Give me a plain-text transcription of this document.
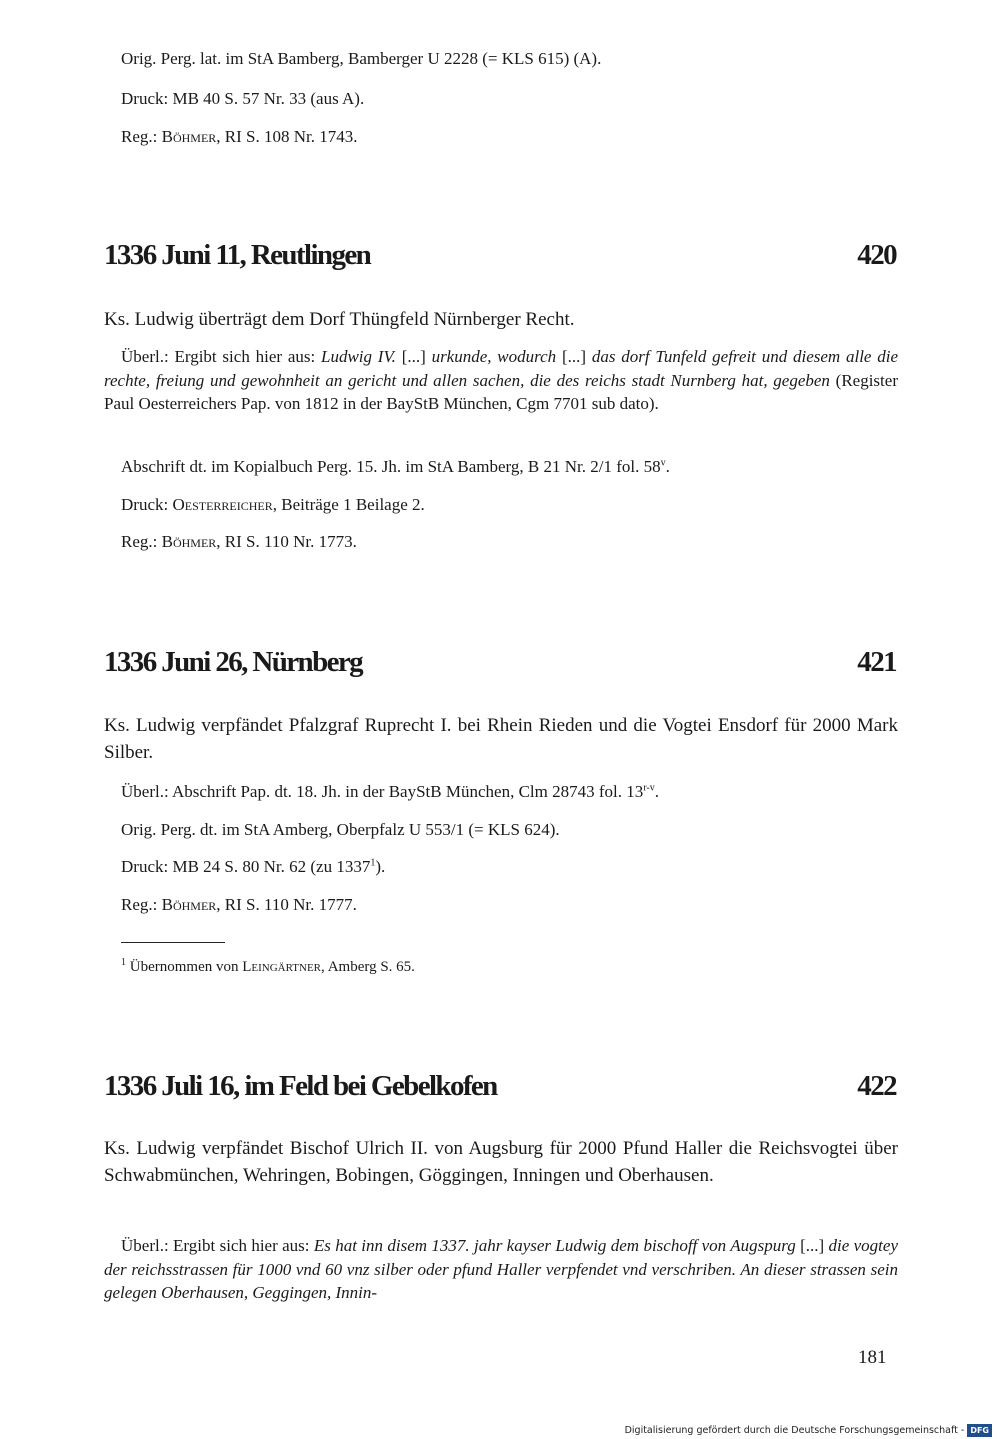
Orig. Perg. lat. im StA Bamberg, Bamberger U 2228 (= KLS 615) (A).
Druck: MB 40 S. 57 Nr. 33 (aus A).
Reg.: Böhmer, RI S. 108 Nr. 1743.
1336 Juni 11, Reutlingen	420
Ks. Ludwig überträgt dem Dorf Thüngfeld Nürnberger Recht.
Überl.: Ergibt sich hier aus: Ludwig IV. [...] urkunde, wodurch [...] das dorf Tunfeld gefreit und diesem alle die rechte, freiung und gewohnheit an gericht und allen sachen, die des reichs stadt Nurnberg hat, gegeben (Register Paul Oesterreichers Pap. von 1812 in der BayStB München, Cgm 7701 sub dato).
Abschrift dt. im Kopialbuch Perg. 15. Jh. im StA Bamberg, B 21 Nr. 2/1 fol. 58$^v$.
Druck: Oesterreicher, Beiträge 1 Beilage 2.
Reg.: Böhmer, RI S. 110 Nr. 1773.
1336 Juni 26, Nürnberg	421
Ks. Ludwig verpfändet Pfalzgraf Ruprecht I. bei Rhein Rieden und die Vogtei Ensdorf für 2000 Mark Silber.
Überl.: Abschrift Pap. dt. 18. Jh. in der BayStB München, Clm 28743 fol. 13$^{r-v}$.
Orig. Perg. dt. im StA Amberg, Oberpfalz U 553/1 (= KLS 624).
Druck: MB 24 S. 80 Nr. 62 (zu 1337$^1$).
Reg.: Böhmer, RI S. 110 Nr. 1777.
$^1$ Übernommen von Leingärtner, Amberg S. 65.
1336 Juli 16, im Feld bei Gebelkofen	422
Ks. Ludwig verpfändet Bischof Ulrich II. von Augsburg für 2000 Pfund Haller die Reichsvogtei über Schwabmünchen, Wehringen, Bobingen, Göggingen, Inningen und Oberhausen.
Überl.: Ergibt sich hier aus: Es hat inn disem 1337. jahr kayser Ludwig dem bischoff von Augspurg [...] die vogtey der reichsstrassen für 1000 vnd 60 vnz silber oder pfund Haller verpfendet vnd verschriben. An dieser strassen sein gelegen Oberhausen, Geggingen, Innin-
181
Digitalisierung gefördert durch die Deutsche Forschungsgemeinschaft - DFG
